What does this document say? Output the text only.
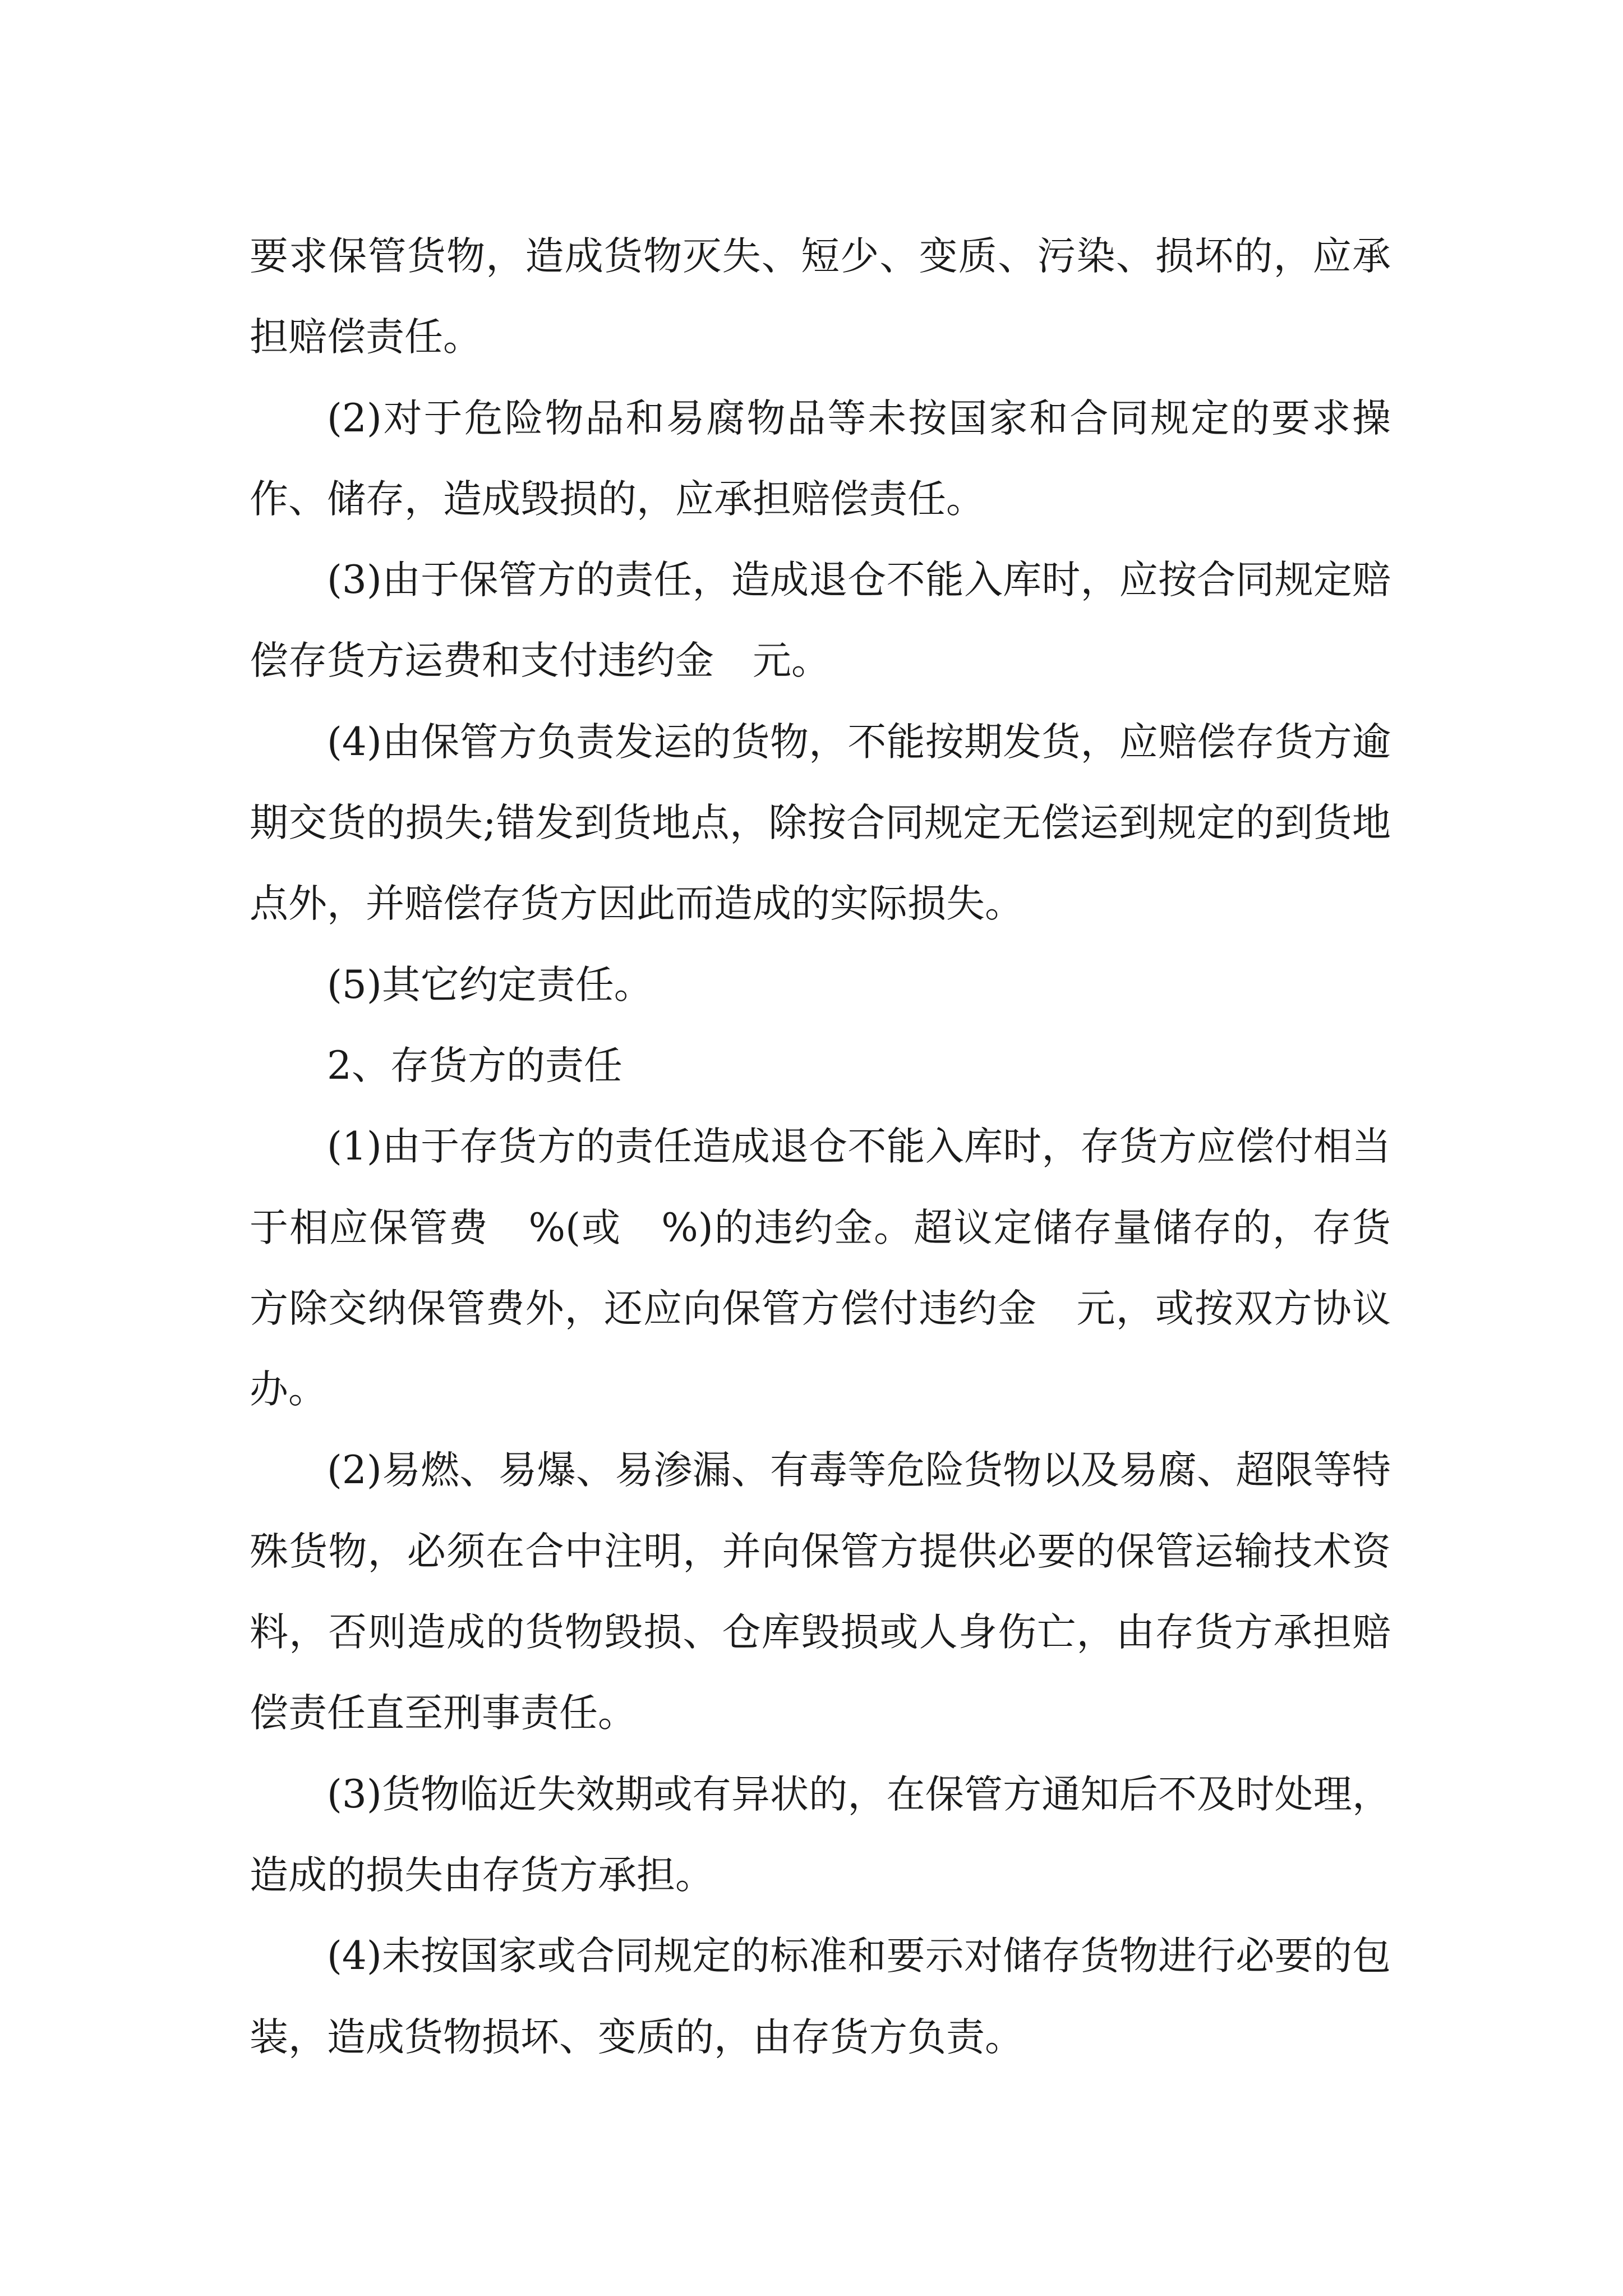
要求保管货物，造成货物灭失、短少、变质、污染、损坏的，应承担赔偿责任。

(2)对于危险物品和易腐物品等未按国家和合同规定的要求操作、储存，造成毁损的，应承担赔偿责任。

(3)由于保管方的责任，造成退仓不能入库时，应按合同规定赔偿存货方运费和支付违约金　元。

(4)由保管方负责发运的货物，不能按期发货，应赔偿存货方逾期交货的损失;错发到货地点，除按合同规定无偿运到规定的到货地点外，并赔偿存货方因此而造成的实际损失。

(5)其它约定责任。

2、存货方的责任

(1)由于存货方的责任造成退仓不能入库时，存货方应偿付相当于相应保管费　%(或　%)的违约金。超议定储存量储存的，存货方除交纳保管费外，还应向保管方偿付违约金　元，或按双方协议办。

(2)易燃、易爆、易渗漏、有毒等危险货物以及易腐、超限等特殊货物，必须在合中注明，并向保管方提供必要的保管运输技术资料，否则造成的货物毁损、仓库毁损或人身伤亡，由存货方承担赔偿责任直至刑事责任。

(3)货物临近失效期或有异状的，在保管方通知后不及时处理，造成的损失由存货方承担。

(4)未按国家或合同规定的标准和要示对储存货物进行必要的包装，造成货物损坏、变质的，由存货方负责。
